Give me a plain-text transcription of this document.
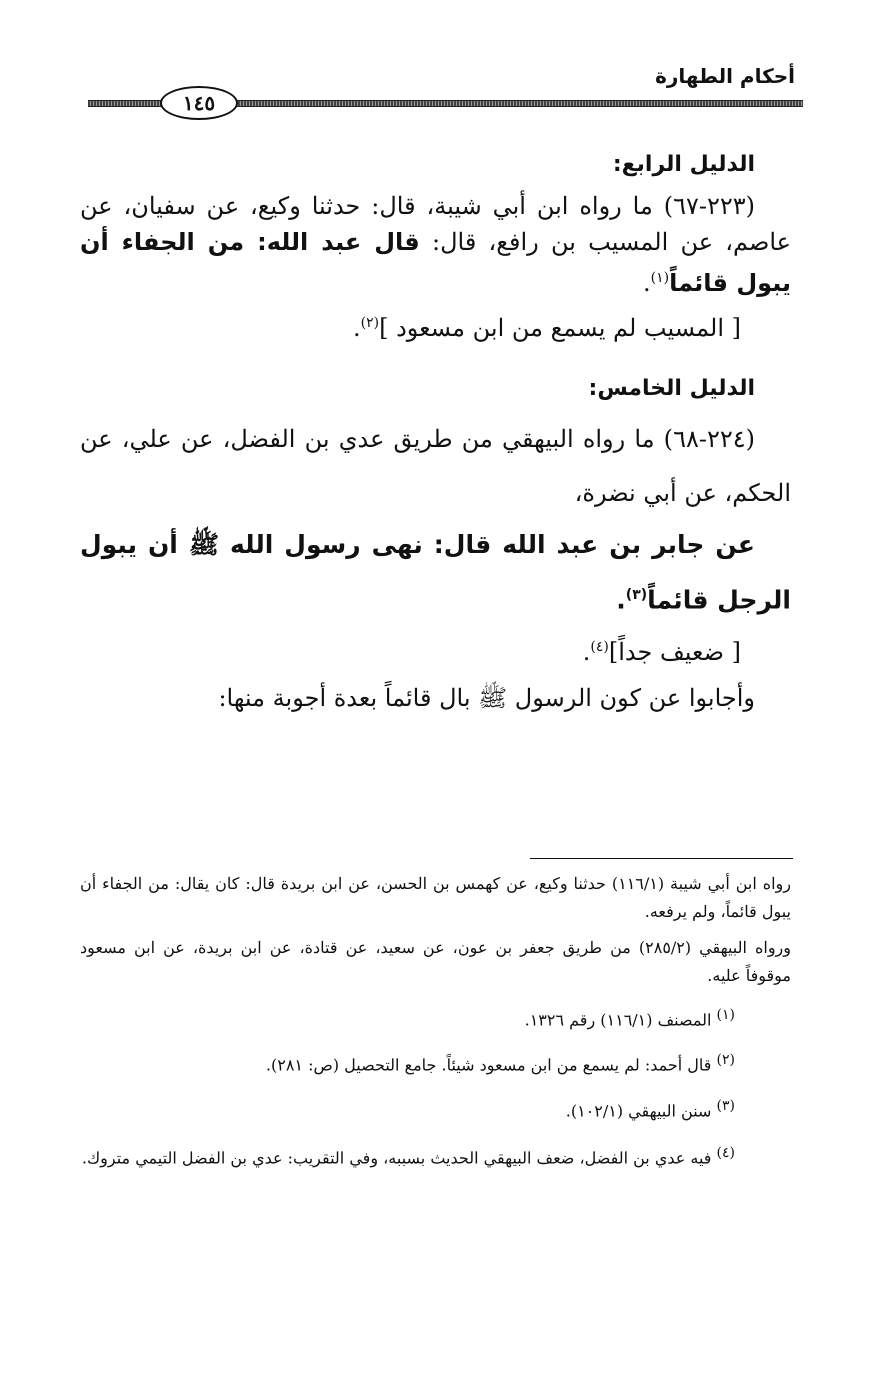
أحكام الطهارة
١٤٥

الدليل الرابع:

(٢٢٣-٦٧) ما رواه ابن أبي شيبة، قال: حدثنا وكيع، عن سفيان، عن عاصم، عن المسيب بن رافع، قال: قال عبد الله: من الجفاء أن يبول قائماً$^{(١)}$.

[ المسيب لم يسمع من ابن مسعود ]$^{(٢)}$.

الدليل الخامس:

(٢٢٤-٦٨) ما رواه البيهقي من طريق عدي بن الفضل، عن علي، عن الحكم، عن أبي نضرة،

عن جابر بن عبد الله قال: نهى رسول الله ﷺ أن يبول الرجل قائماً$^{(٣)}$.

[ ضعيف جداً]$^{(٤)}$.

وأجابوا عن كون الرسول ﷺ بال قائماً بعدة أجوبة منها:

رواه ابن أبي شيبة (١١٦/١) حدثنا وكيع، عن كهمس بن الحسن، عن ابن بريدة قال: كان يقال: من الجفاء أن يبول قائماً، ولم يرفعه.

ورواه البيهقي (٢٨٥/٢) من طريق جعفر بن عون، عن سعيد، عن قتادة، عن ابن بريدة، عن ابن مسعود موقوفاً عليه.

$^{(١)}$ المصنف (١١٦/١) رقم ١٣٢٦.

$^{(٢)}$ قال أحمد: لم يسمع من ابن مسعود شيئاً. جامع التحصيل (ص: ٢٨١).

$^{(٣)}$ سنن البيهقي (١٠٢/١).

$^{(٤)}$ فيه عدي بن الفضل، ضعف البيهقي الحديث بسببه، وفي التقريب: عدي بن الفضل التيمي متروك.
